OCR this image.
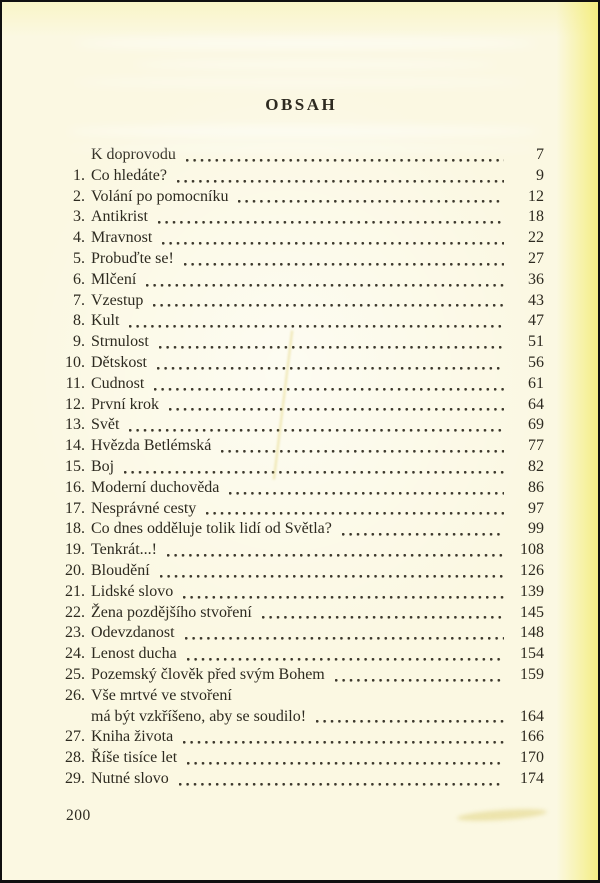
OBSAH
K doprovodu	7
1. Co hledáte?	9
2. Volání po pomocníku	12
3. Antikrist	18
4. Mravnost	22
5. Probuďte se!	27
6. Mlčení	36
7. Vzestup	43
8. Kult	47
9. Strnulost	51
10. Dětskost	56
11. Cudnost	61
12. První krok	64
13. Svět	69
14. Hvězda Betlémská	77
15. Boj	82
16. Moderní duchověda	86
17. Nesprávné cesty	97
18. Co dnes odděluje tolik lidí od Světla?	99
19. Tenkrát...!	108
20. Bloudění	126
21. Lidské slovo	139
22. Žena pozdějšího stvoření	145
23. Odevzdanost	148
24. Lenost ducha	154
25. Pozemský člověk před svým Bohem	159
26. Vše mrtvé ve stvoření
má být vzkříšeno, aby se soudilo!	164
27. Kniha života	166
28. Říše tisíce let	170
29. Nutné slovo	174
200
